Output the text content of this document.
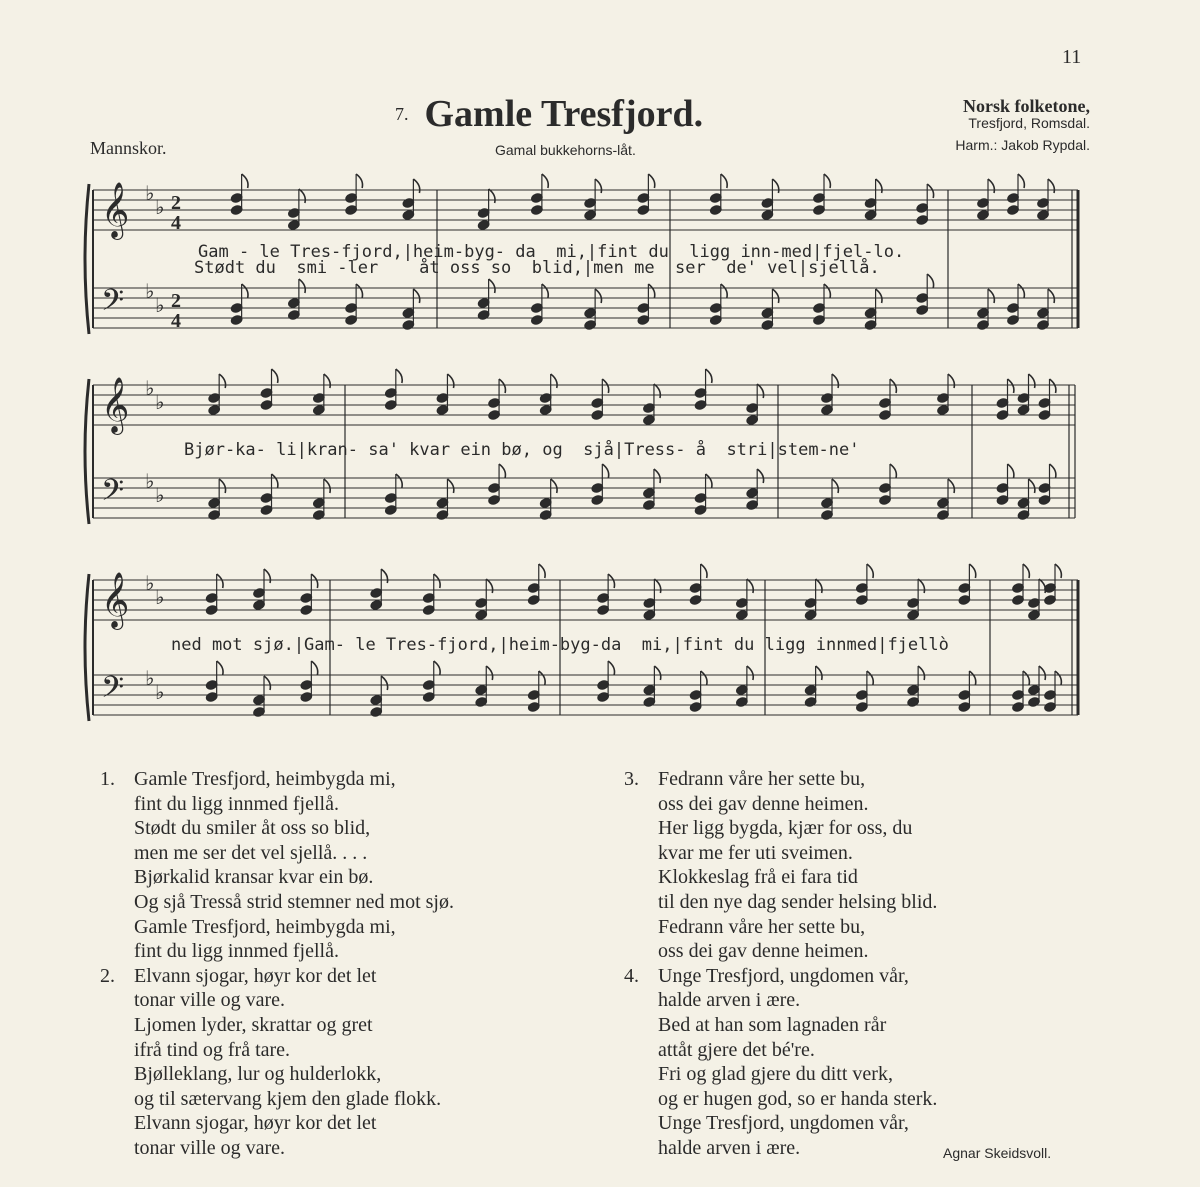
11
Mannskor.
7. Gamle Tresfjord.
Gamal bukkehorns-låt.
Norsk folketone,
Tresfjord, Romsdal.
Harm.: Jakob Rypdal.
𝄞 ♭
♭ 2
4
𝄢 ♭
♭ 2
4
𝄞 ♭
♭
𝄢 ♭
♭
𝄞 ♭
♭
𝄢 ♭
♭
Gam - le Tres-fjord,|heim-byg- da  mi,|fint du  ligg inn-med|fjel-lo.
Stødt du  smi -ler    åt oss so  blid,|men me  ser  de' vel|sjellå.
Bjør-ka- li|kran- sa' kvar ein bø, og  sjå|Tress- å  stri|stem-ne'
ned mot sjø.|Gam- le Tres-fjord,|heim-byg-da  mi,|fint du ligg innmed|fjellò
1. Gamle Tresfjord, heimbygda mi,
fint du ligg innmed fjellå.
Stødt du smiler åt oss so blid,
men me ser det vel sjellå. . . .
Bjørkalid kransar kvar ein bø.
Og sjå Tresså strid stemner ned mot sjø.
Gamle Tresfjord, heimbygda mi,
fint du ligg innmed fjellå.
2. Elvann sjogar, høyr kor det let
tonar ville og vare.
Ljomen lyder, skrattar og gret
ifrå tind og frå tare.
Bjølleklang, lur og hulderlokk,
og til sætervang kjem den glade flokk.
Elvann sjogar, høyr kor det let
tonar ville og vare.
3. Fedrann våre her sette bu,
oss dei gav denne heimen.
Her ligg bygda, kjær for oss, du
kvar me fer uti sveimen.
Klokkeslag frå ei fara tid
til den nye dag sender helsing blid.
Fedrann våre her sette bu,
oss dei gav denne heimen.
4. Unge Tresfjord, ungdomen vår,
halde arven i ære.
Bed at han som lagnaden rår
attåt gjere det bé're.
Fri og glad gjere du ditt verk,
og er hugen god, so er handa sterk.
Unge Tresfjord, ungdomen vår,
halde arven i ære.	Agnar Skeidsvoll.
